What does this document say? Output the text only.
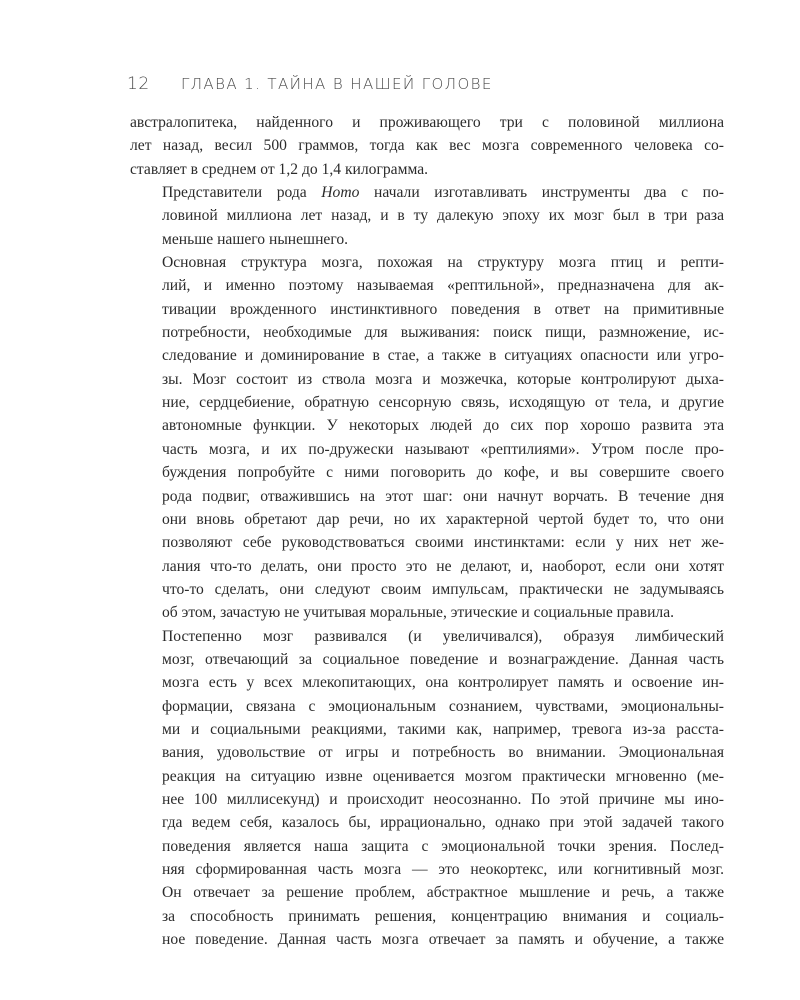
12	ГЛАВА 1. ТАЙНА В НАШЕЙ ГОЛОВЕ

австралопитека, найденного и проживающего три с половиной миллиона
лет назад, весил 500 граммов, тогда как вес мозга современного человека со-
ставляет в среднем от 1,2 до 1,4 килограмма.

Представители рода Homo начали изготавливать инструменты два с по-
ловиной миллиона лет назад, и в ту далекую эпоху их мозг был в три раза
меньше нашего нынешнего.

Основная структура мозга, похожая на структуру мозга птиц и репти-
лий, и именно поэтому называемая «рептильной», предназначена для ак-
тивации врожденного инстинктивного поведения в ответ на примитивные
потребности, необходимые для выживания: поиск пищи, размножение, ис-
следование и доминирование в стае, а также в ситуациях опасности или угро-
зы. Мозг состоит из ствола мозга и мозжечка, которые контролируют дыха-
ние, сердцебиение, обратную сенсорную связь, исходящую от тела, и другие
автономные функции. У некоторых людей до сих пор хорошо развита эта
часть мозга, и их по-дружески называют «рептилиями». Утром после про-
буждения попробуйте с ними поговорить до кофе, и вы совершите своего
рода подвиг, отважившись на этот шаг: они начнут ворчать. В течение дня
они вновь обретают дар речи, но их характерной чертой будет то, что они
позволяют себе руководствоваться своими инстинктами: если у них нет же-
лания что-то делать, они просто это не делают, и, наоборот, если они хотят
что-то сделать, они следуют своим импульсам, практически не задумываясь
об этом, зачастую не учитывая моральные, этические и социальные правила.

Постепенно мозг развивался (и увеличивался), образуя лимбический
мозг, отвечающий за социальное поведение и вознаграждение. Данная часть
мозга есть у всех млекопитающих, она контролирует память и освоение ин-
формации, связана с эмоциональным сознанием, чувствами, эмоциональны-
ми и социальными реакциями, такими как, например, тревога из-за расста-
вания, удовольствие от игры и потребность во внимании. Эмоциональная
реакция на ситуацию извне оценивается мозгом практически мгновенно (ме-
нее 100 миллисекунд) и происходит неосознанно. По этой причине мы ино-
гда ведем себя, казалось бы, иррационально, однако при этой задачей такого
поведения является наша защита с эмоциональной точки зрения. Послед-
няя сформированная часть мозга — это неокортекс, или когнитивный мозг.
Он отвечает за решение проблем, абстрактное мышление и речь, а также
за способность принимать решения, концентрацию внимания и социаль-
ное поведение. Данная часть мозга отвечает за память и обучение, а также
